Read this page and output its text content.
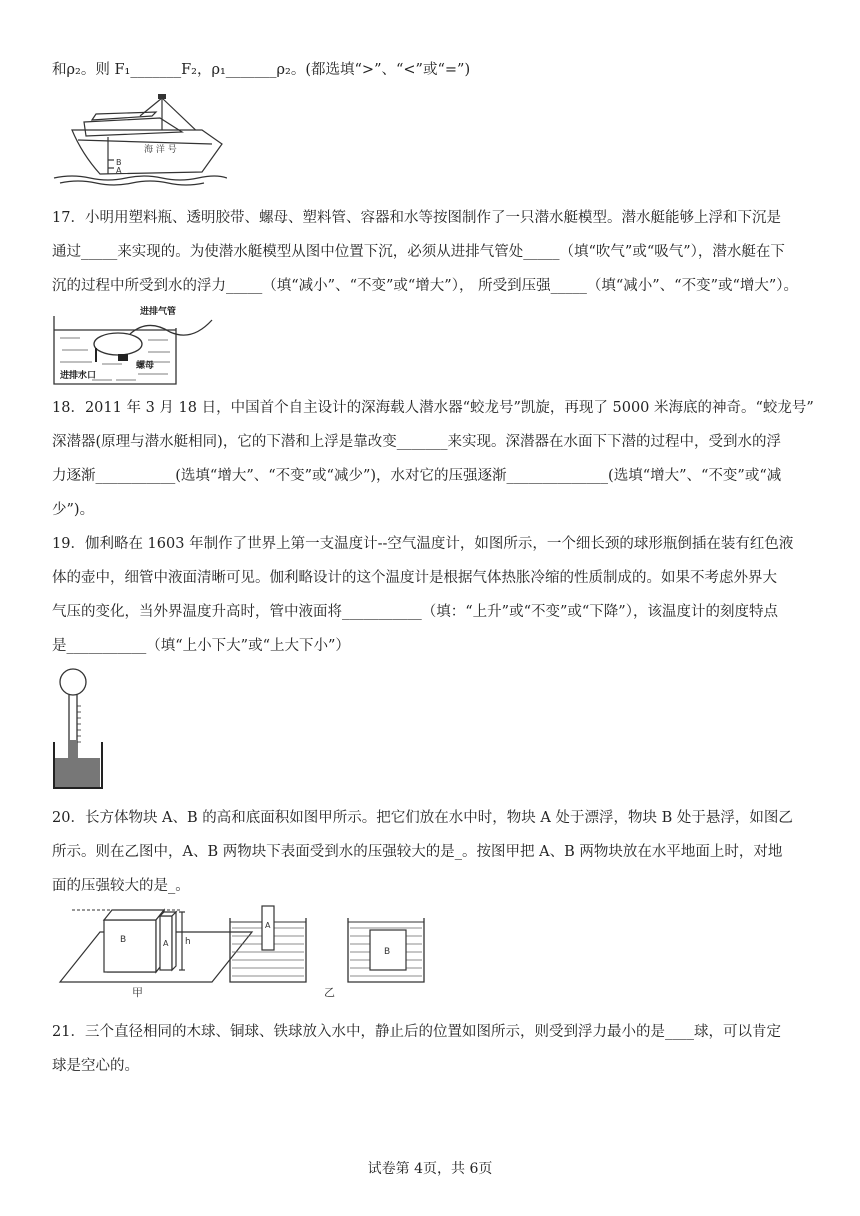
和ρ₂。则 F₁_______F₂，ρ₁_______ρ₂。(都选填“>”、“<”或“=”)
海 洋 号
B
A
17．小明用塑料瓶、透明胶带、螺母、塑料管、容器和水等按图制作了一只潜水艇模型。潜水艇能够上浮和下沉是
通过_____来实现的。为使潜水艇模型从图中位置下沉，必须从进排气管处_____（填“吹气”或“吸气”），潜水艇在下
沉的过程中所受到水的浮力_____（填“减小”、“不变”或“增大”）， 所受到压强_____（填“减小”、“不变”或“增大”）。
进排气管
进排水口
螺母
18．2011 年 3 月 18 日，中国首个自主设计的深海载人潜水器“蛟龙号”凯旋，再现了 5000 米海底的神奇。“蛟龙号”
深潜器(原理与潜水艇相同)，它的下潜和上浮是靠改变_______来实现。深潜器在水面下下潜的过程中，受到水的浮
力逐渐___________(选填“增大”、“不变”或“减少”)，水对它的压强逐渐______________(选填“增大”、“不变”或“减
少”)。
19．伽利略在 1603 年制作了世界上第一支温度计--空气温度计，如图所示，一个细长颈的球形瓶倒插在装有红色液
体的壶中，细管中液面清晰可见。伽利略设计的这个温度计是根据气体热胀冷缩的性质制成的。如果不考虑外界大
气压的变化，当外界温度升高时，管中液面将___________（填：“上升”或“不变”或“下降”），该温度计的刻度特点
是___________（填“上小下大”或“上大下小”）
20．长方体物块 A、B 的高和底面积如图甲所示。把它们放在水中时，物块 A 处于漂浮，物块 B 处于悬浮，如图乙
所示。则在乙图中，A、B 两物块下表面受到水的压强较大的是_。按图甲把 A、B 两物块放在水平地面上时，对地
面的压强较大的是_。
B	A h
甲
A
B
乙
21．三个直径相同的木球、铜球、铁球放入水中，静止后的位置如图所示，则受到浮力最小的是____球，可以肯定
球是空心的。
试卷第 4页，共 6页
